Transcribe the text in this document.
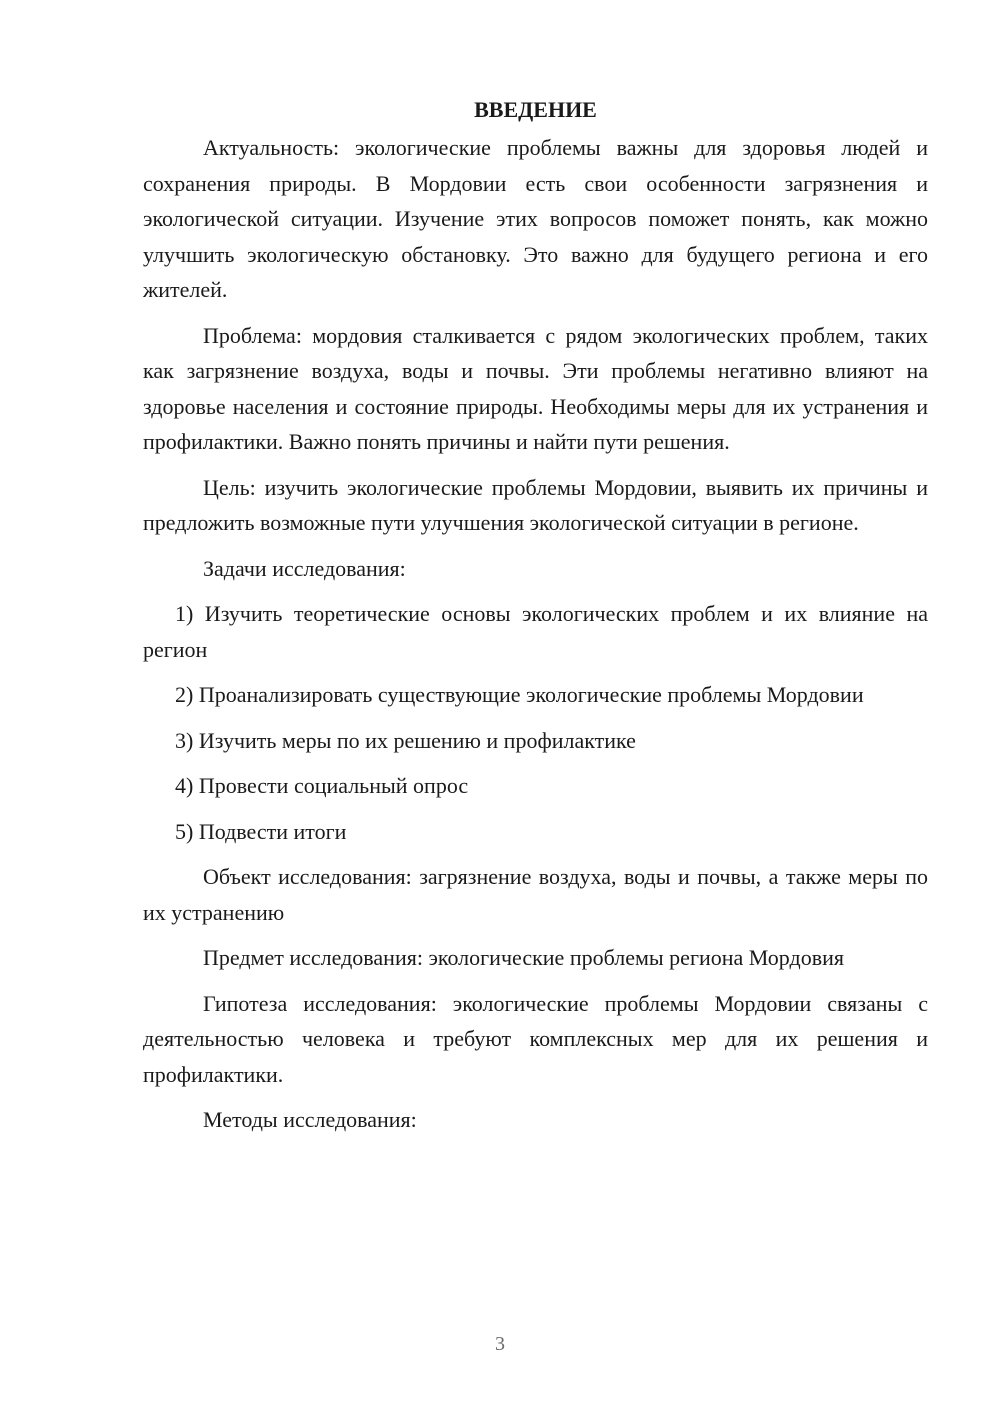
ВВЕДЕНИЕ

Актуальность: экологические проблемы важны для здоровья людей и сохранения природы. В Мордовии есть свои особенности загрязнения и экологической ситуации. Изучение этих вопросов поможет понять, как можно улучшить экологическую обстановку. Это важно для будущего региона и его жителей.

Проблема: мордовия сталкивается с рядом экологических проблем, таких как загрязнение воздуха, воды и почвы. Эти проблемы негативно влияют на здоровье населения и состояние природы. Необходимы меры для их устранения и профилактики. Важно понять причины и найти пути решения.

Цель: изучить экологические проблемы Мордовии, выявить их причины и предложить возможные пути улучшения экологической ситуации в регионе.

Задачи исследования:

1) Изучить теоретические основы экологических проблем и их влияние на регион

2) Проанализировать существующие экологические проблемы Мордовии

3) Изучить меры по их решению и профилактике

4) Провести социальный опрос

5) Подвести итоги

Объект исследования: загрязнение воздуха, воды и почвы, а также меры по их устранению

Предмет исследования: экологические проблемы региона Мордовия

Гипотеза исследования: экологические проблемы Мордовии связаны с деятельностью человека и требуют комплексных мер для их решения и профилактики.

Методы исследования:

3
